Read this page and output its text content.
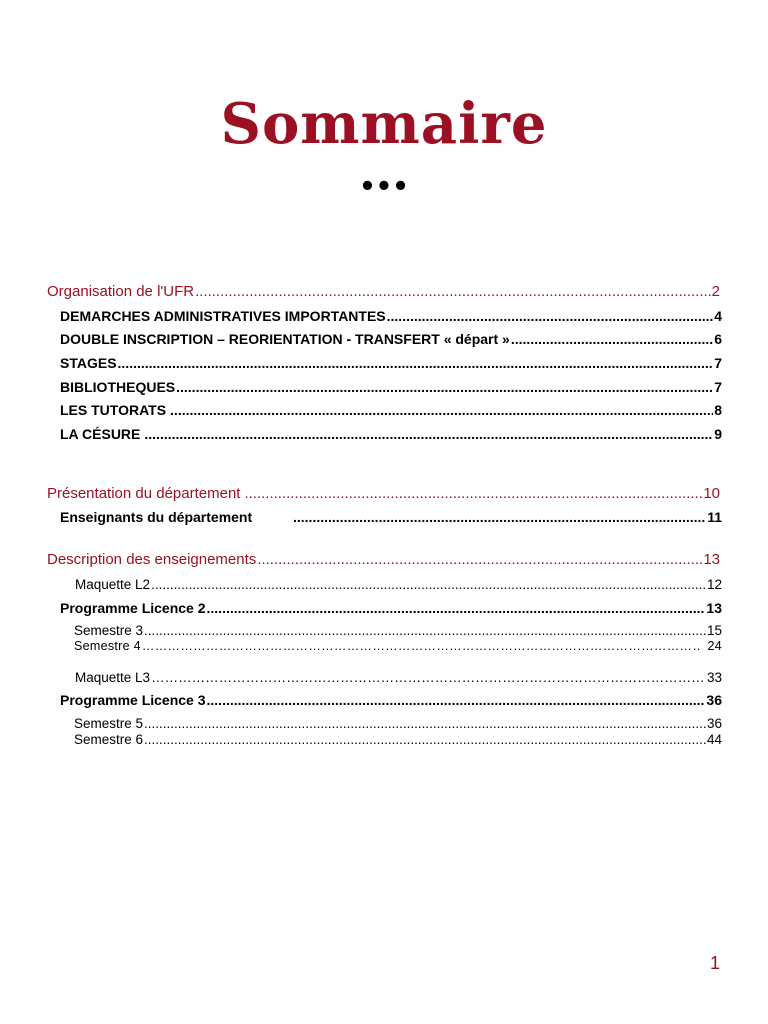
Sommaire
•••
Organisation de l'UFR .....	2
DEMARCHES ADMINISTRATIVES IMPORTANTES .....	4
DOUBLE INSCRIPTION – REORIENTATION - TRANSFERT « départ » .....	6
STAGES .....	7
BIBLIOTHEQUES .....	7
LES TUTORATS .....	8
LA CÉSURE .....	9
Présentation du département .....	10
Enseignants du département .....	11
Description des enseignements .....	13
Maquette L2 .....	12
Programme Licence 2 .....	13
Semestre 3 .....	15
Semestre 4 ……………………………………………………………………………………………………………………………………	24
Maquette L3 ……………………………………………………………………………………………………………………………………	33
Programme Licence 3 .....	36
Semestre 5 .....	36
Semestre 6 .....	44
1
